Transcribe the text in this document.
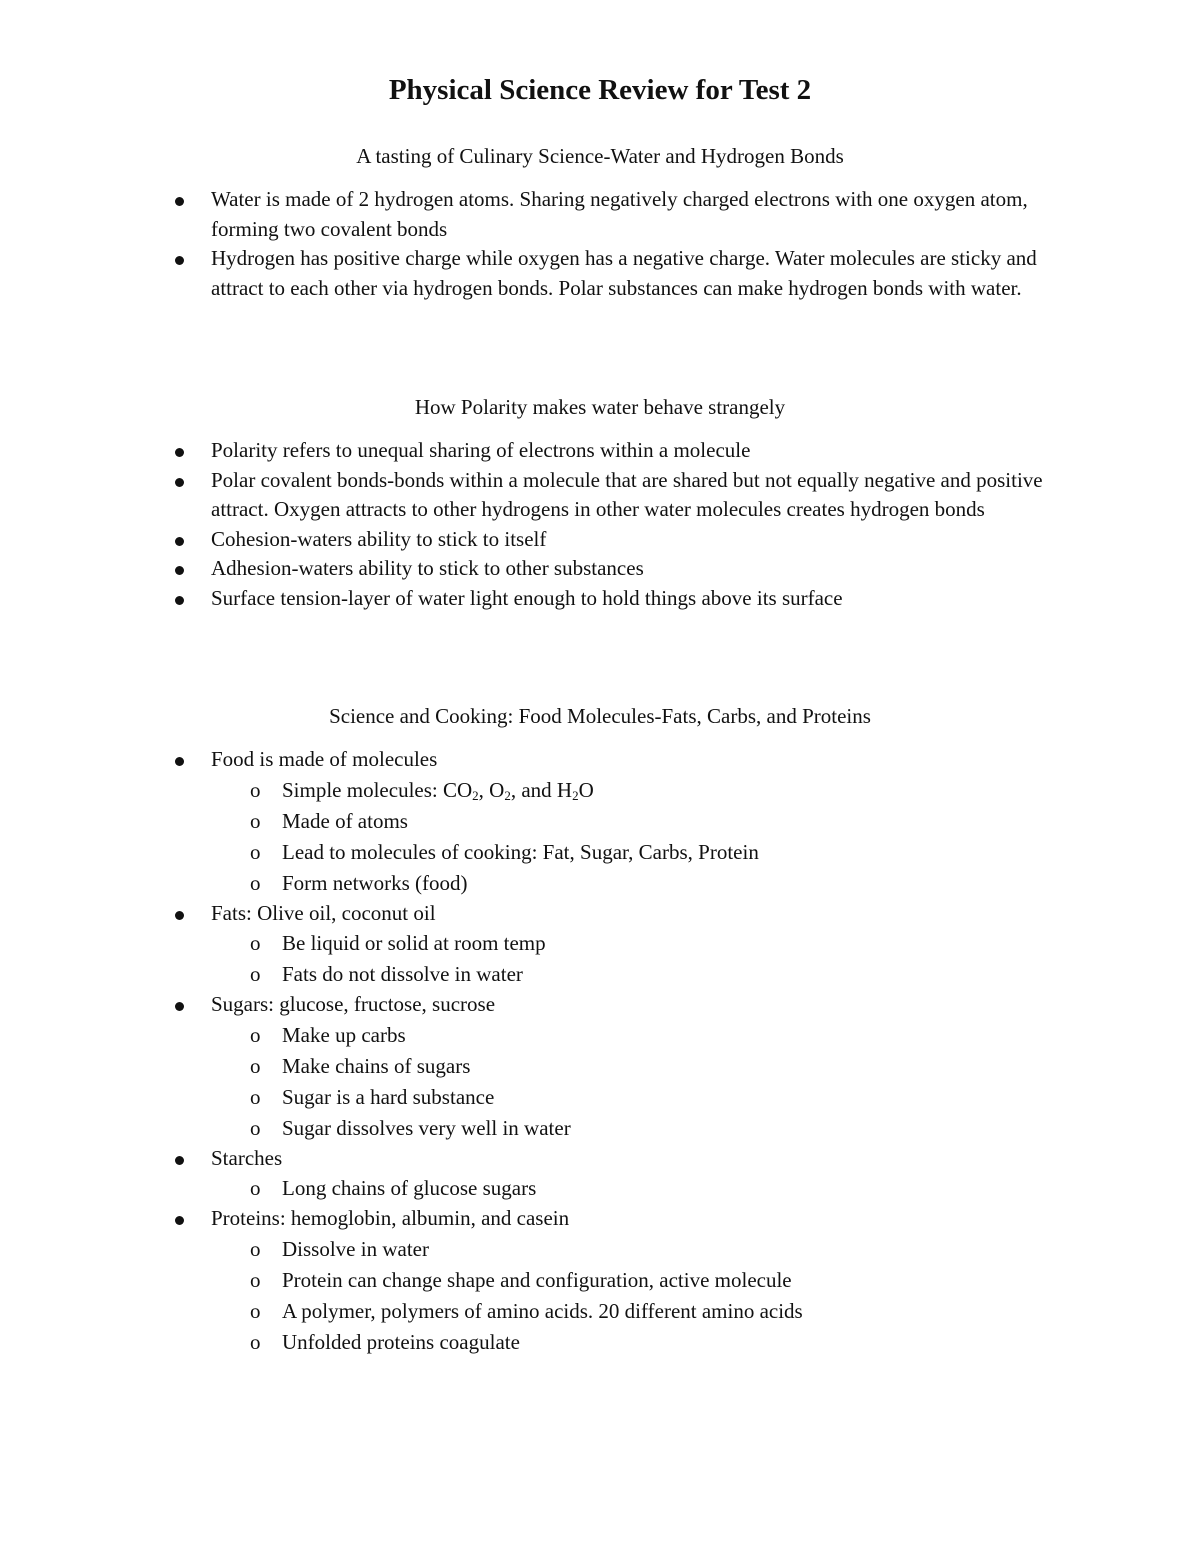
Physical Science Review for Test 2
A tasting of Culinary Science-Water and Hydrogen Bonds
Water is made of 2 hydrogen atoms. Sharing negatively charged electrons with one oxygen atom, forming two covalent bonds
Hydrogen has positive charge while oxygen has a negative charge. Water molecules are sticky and attract to each other via hydrogen bonds. Polar substances can make hydrogen bonds with water.
How Polarity makes water behave strangely
Polarity refers to unequal sharing of electrons within a molecule
Polar covalent bonds-bonds within a molecule that are shared but not equally negative and positive attract. Oxygen attracts to other hydrogens in other water molecules creates hydrogen bonds
Cohesion-waters ability to stick to itself
Adhesion-waters ability to stick to other substances
Surface tension-layer of water light enough to hold things above its surface
Science and Cooking: Food Molecules-Fats, Carbs, and Proteins
Food is made of molecules
o Simple molecules: $CO_2$, $O_2$, and $H_2O$
o Made of atoms
o Lead to molecules of cooking: Fat, Sugar, Carbs, Protein
o Form networks (food)
Fats: Olive oil, coconut oil
o Be liquid or solid at room temp
o Fats do not dissolve in water
Sugars: glucose, fructose, sucrose
o Make up carbs
o Make chains of sugars
o Sugar is a hard substance
o Sugar dissolves very well in water
Starches
o Long chains of glucose sugars
Proteins: hemoglobin, albumin, and casein
o Dissolve in water
o Protein can change shape and configuration, active molecule
o A polymer, polymers of amino acids. 20 different amino acids
o Unfolded proteins coagulate
